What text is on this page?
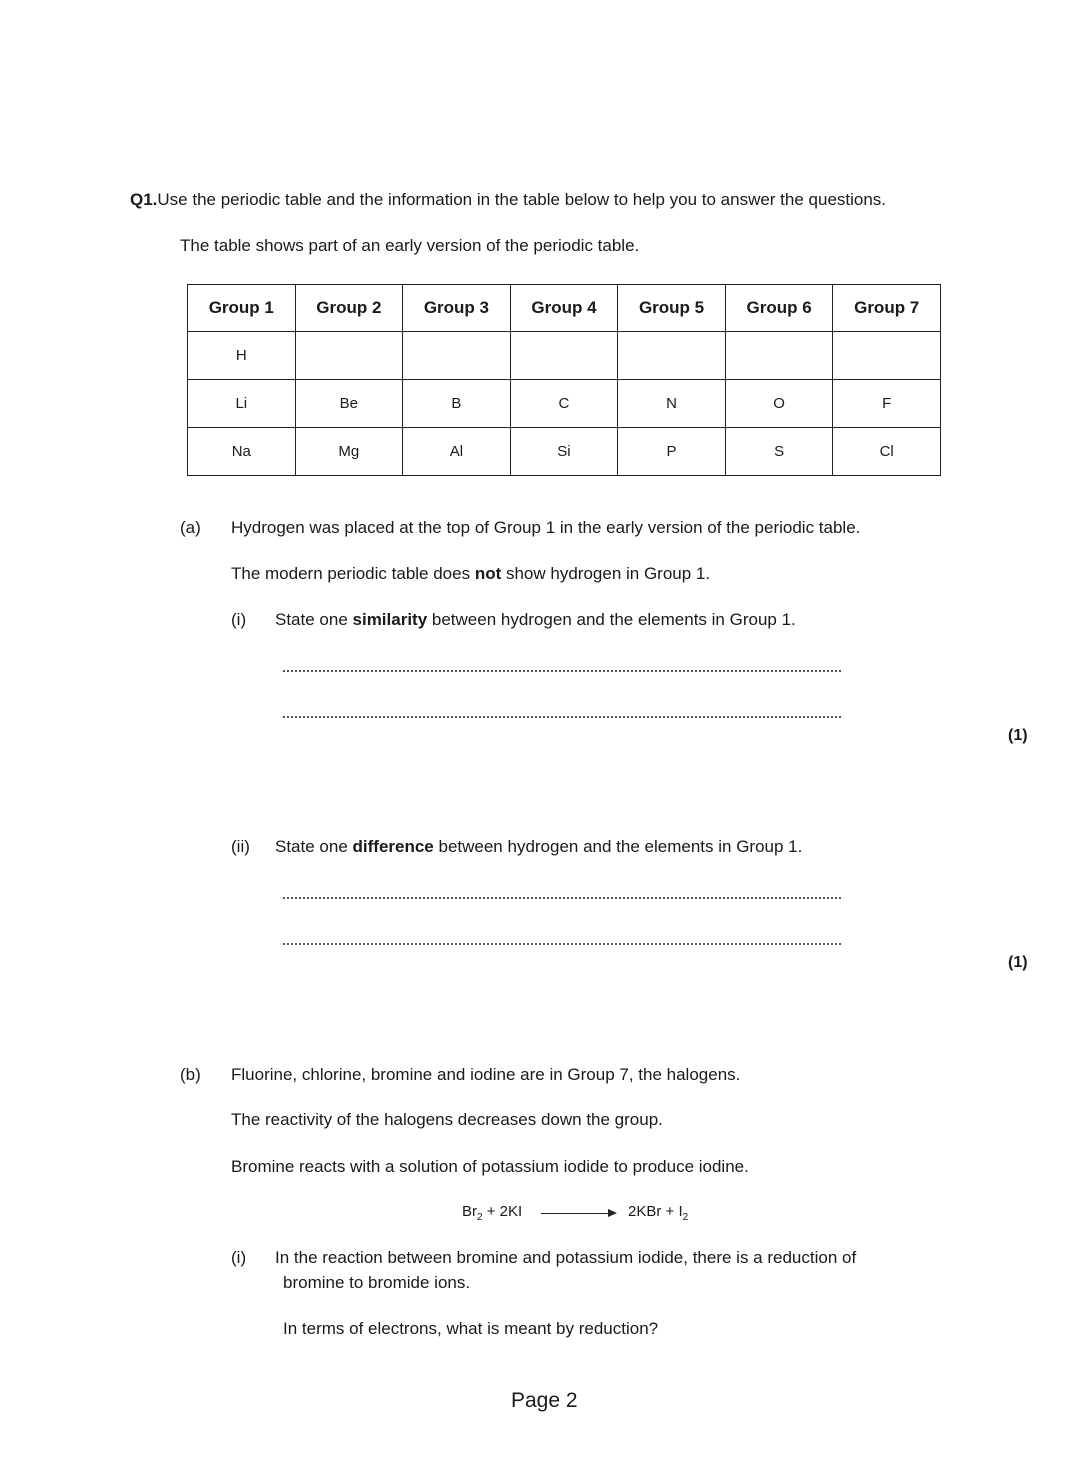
Q1.Use the periodic table and the information in the table below to help you to answer the questions.
The table shows part of an early version of the periodic table.
Group 1	Group 2	Group 3	Group 4	Group 5	Group 6	Group 7
H						
Li	Be	B	C	N	O	F
Na	Mg	Al	Si	P	S	Cl
(a) Hydrogen was placed at the top of Group 1 in the early version of the periodic table.
The modern periodic table does not show hydrogen in Group 1.
(i) State one similarity between hydrogen and the elements in Group 1.
(1)
(ii) State one difference between hydrogen and the elements in Group 1.
(1)
(b) Fluorine, chlorine, bromine and iodine are in Group 7, the halogens.
The reactivity of the halogens decreases down the group.
Bromine reacts with a solution of potassium iodide to produce iodine.
$Br_2 + 2KI$	$2KBr + I_2$
(i) In the reaction between bromine and potassium iodide, there is a reduction of
bromine to bromide ions.
In terms of electrons, what is meant by reduction?
Page 2
